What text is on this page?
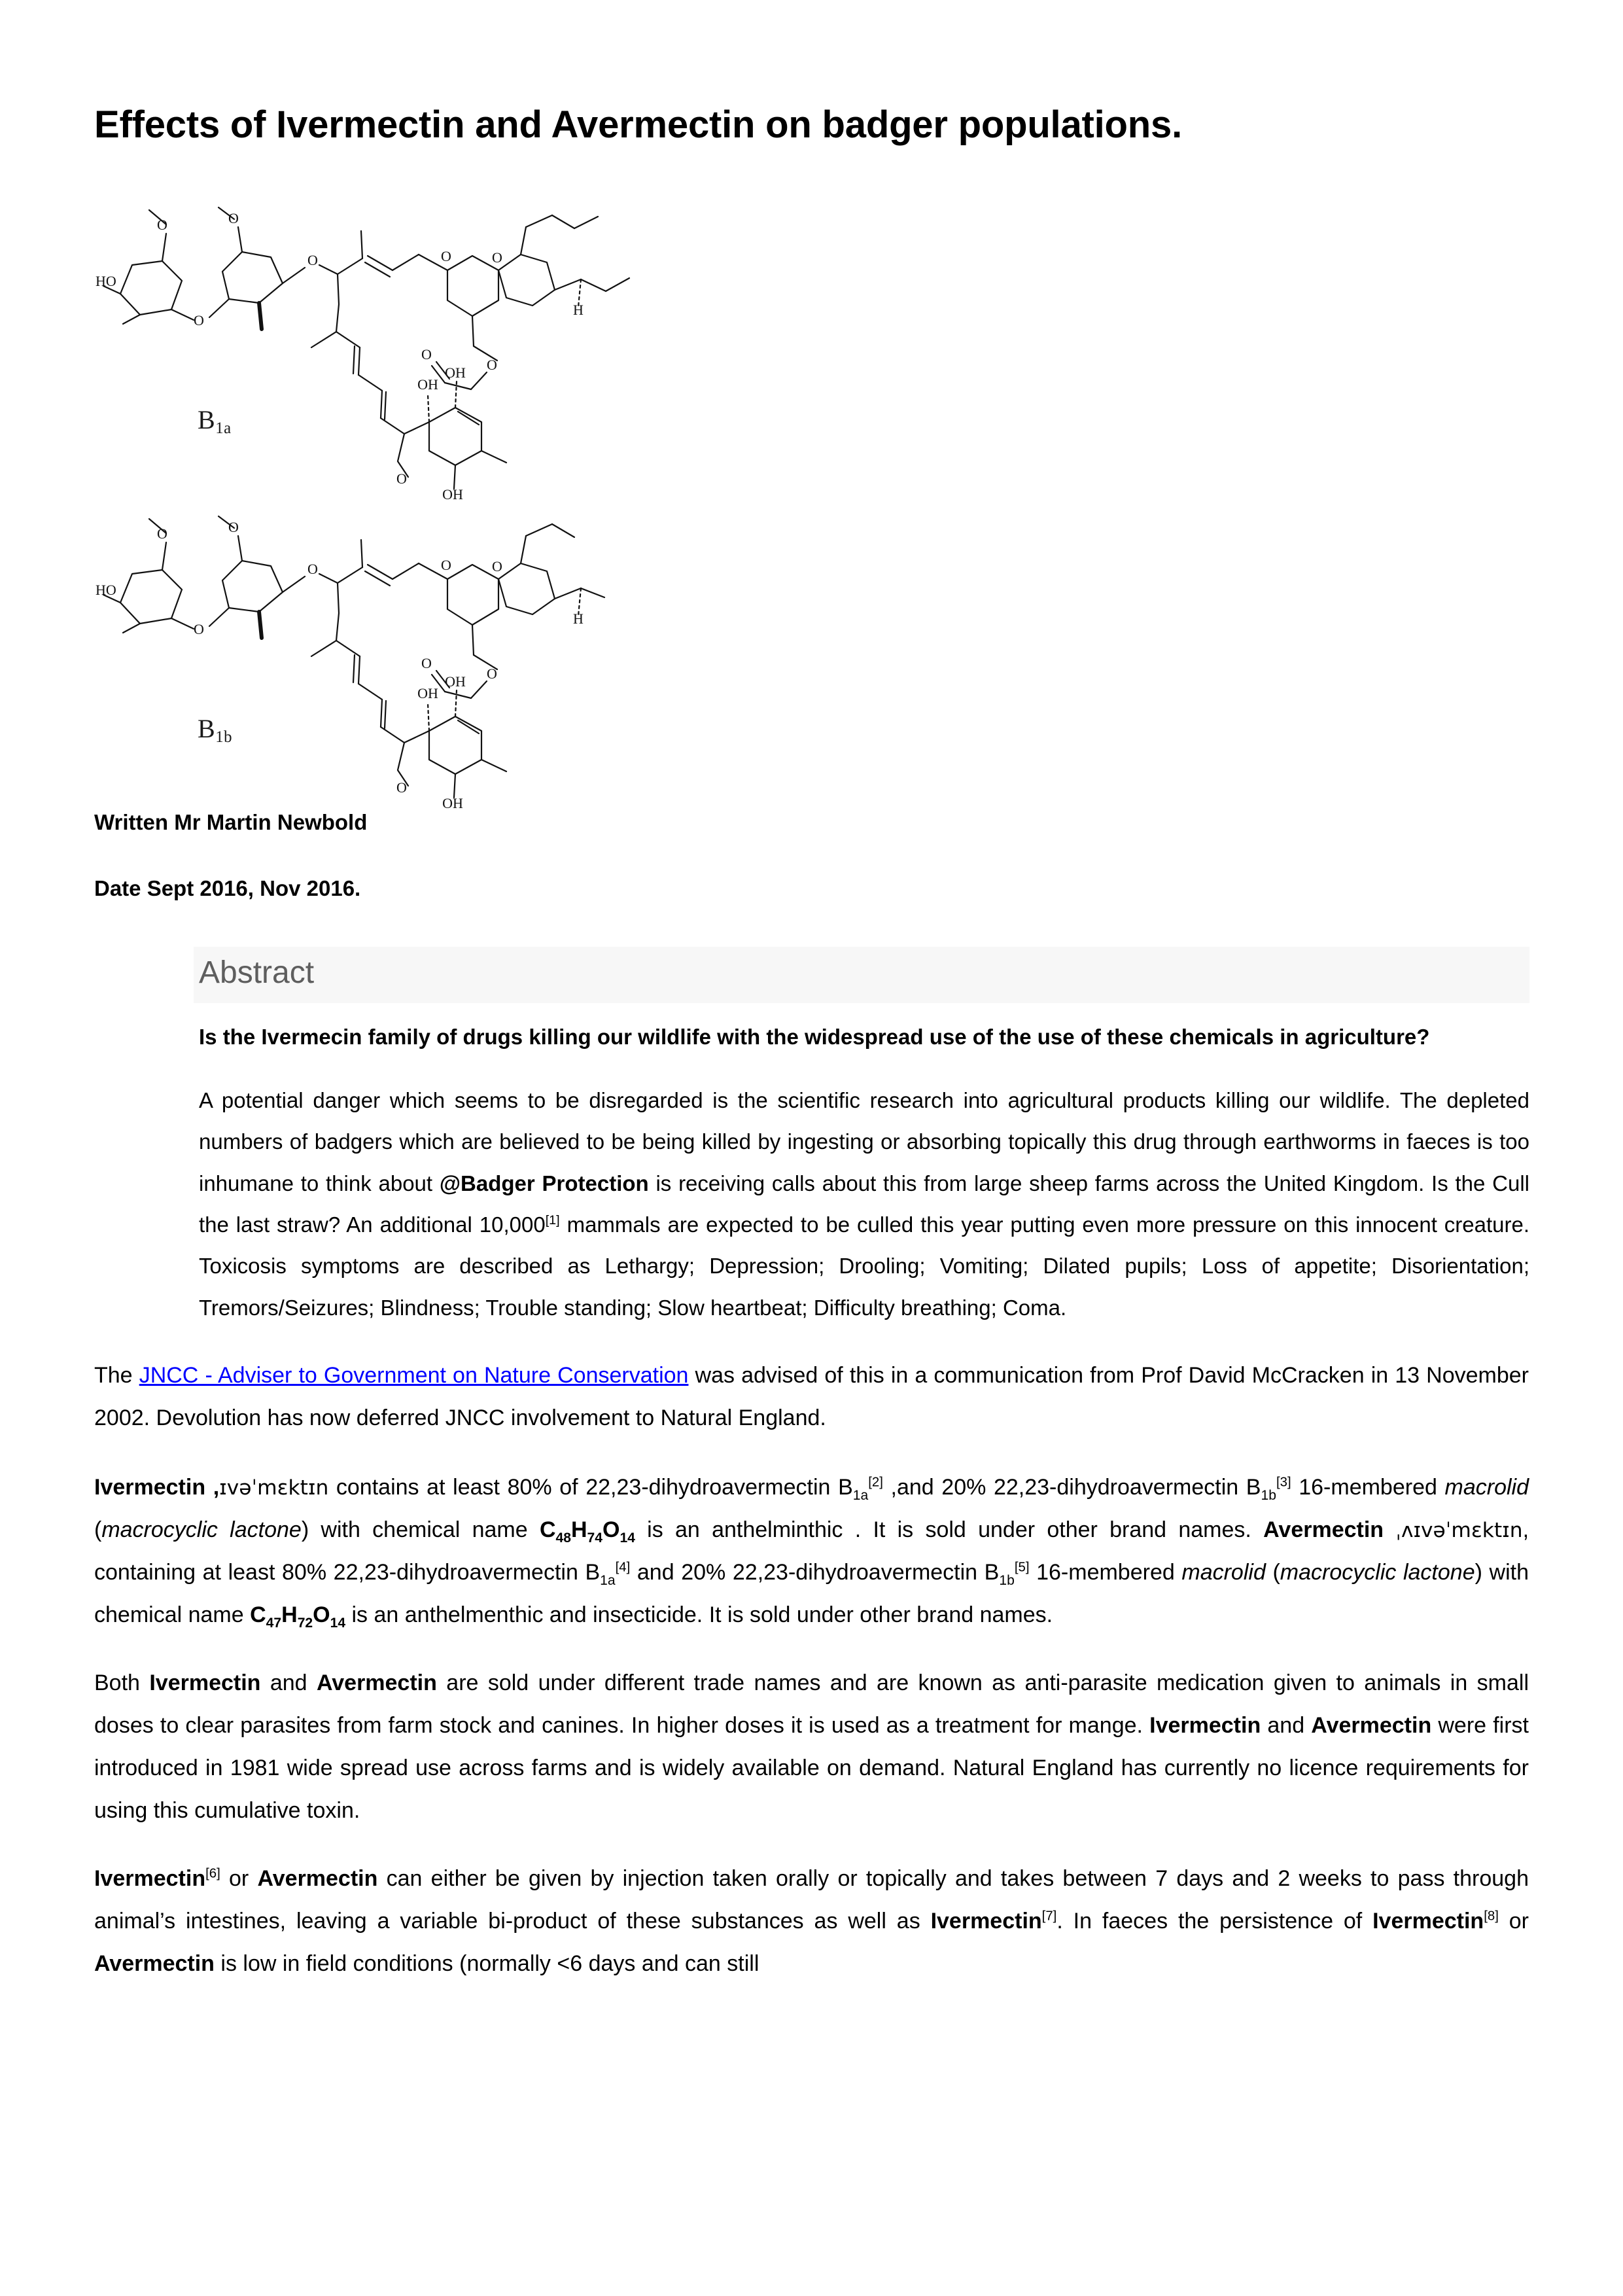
Effects of Ivermectin and Avermectin on badger populations.
HO
O
O
O
O	O	O
O
O
O
OH
OH
H
OH
$B_{1a}$
HO
O
O
O
O	O	O
O
O
O
OH
OH
H
OH
$B_{1b}$

Written Mr Martin Newbold

Date Sept 2016, Nov 2016.

Abstract

Is the Ivermecin family of drugs killing our wildlife with the widespread use of the use of these chemicals in agriculture?

A potential danger which seems to be disregarded is the scientific research into agricultural products killing our wildlife. The depleted numbers of badgers which are believed to be being killed by ingesting or absorbing topically this drug through earthworms in faeces is too inhumane to think about @Badger Protection is receiving calls about this from large sheep farms across the United Kingdom. Is the Cull the last straw? An additional 10,000[1] mammals are expected to be culled this year putting even more pressure on this innocent creature. Toxicosis symptoms are described as Lethargy; Depression; Drooling; Vomiting; Dilated pupils; Loss of appetite; Disorientation; Tremors/Seizures; Blindness; Trouble standing; Slow heartbeat; Difficulty breathing; Coma.

The JNCC - Adviser to Government on Nature Conservation was advised of this in a communication from Prof David McCracken in 13 November 2002. Devolution has now deferred JNCC involvement to Natural England.

Ivermectin ,ɪvəˈmɛktɪn contains at least 80% of 22,23-dihydroavermectin $B_{1a}[2]$ ,and 20% 22,23-dihydroavermectin $B_{1b}[3]$ 16-membered macrolid (macrocyclic lactone) with chemical name $C_{48}H_{74}O_{14}$ is an anthelminthic . It is sold under other brand names. Avermectin ˌʌɪvəˈmɛktɪn, containing at least 80% 22,23-dihydroavermectin $B_{1a}[4]$ and 20% 22,23-dihydroavermectin $B_{1b}[5]$ 16-membered macrolid (macrocyclic lactone) with chemical name $C_{47}H_{72}O_{14}$ is an anthelmenthic and insecticide. It is sold under other brand names.

Both Ivermectin and Avermectin are sold under different trade names and are known as anti-parasite medication given to animals in small doses to clear parasites from farm stock and canines. In higher doses it is used as a treatment for mange. Ivermectin and Avermectin were first introduced in 1981 wide spread use across farms and is widely available on demand. Natural England has currently no licence requirements for using this cumulative toxin.

Ivermectin[6] or Avermectin can either be given by injection taken orally or topically and takes between 7 days and 2 weeks to pass through animal’s intestines, leaving a variable bi-product of these substances as well as Ivermectin[7]. In faeces the persistence of Ivermectin[8] or Avermectin is low in field conditions (normally <6 days and can still
